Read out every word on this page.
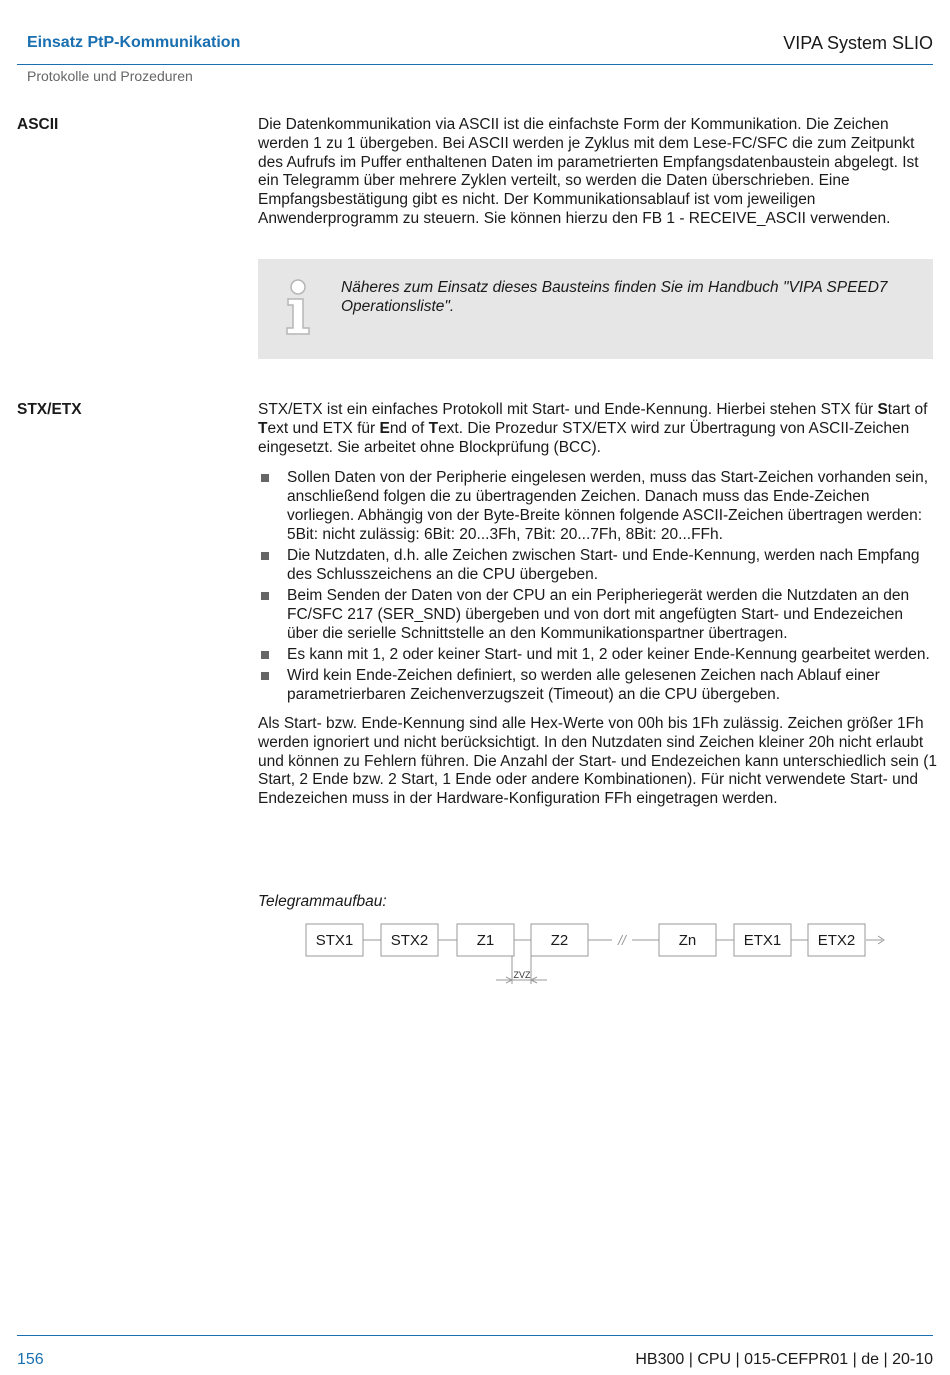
Einsatz PtP-Kommunikation	VIPA System SLIO
Protokolle und Prozeduren
ASCII	Die Datenkommunikation via ASCII ist die einfachste Form der Kommunikation. Die Zeichen werden 1 zu 1 übergeben. Bei ASCII werden je Zyklus mit dem Lese-FC/SFC die zum Zeitpunkt des Aufrufs im Puffer enthaltenen Daten im parametrierten Empfangsdatenbaustein abgelegt. Ist ein Telegramm über mehrere Zyklen verteilt, so werden die Daten überschrieben. Eine Empfangsbestätigung gibt es nicht. Der Kommunikationsablauf ist vom jeweiligen Anwenderprogramm zu steuern. Sie können hierzu den FB 1 - RECEIVE_ASCII verwenden.

Näheres zum Einsatz dieses Bausteins finden Sie im Handbuch "VIPA SPEED7 Operationsliste".
STX/ETX	STX/ETX ist ein einfaches Protokoll mit Start- und Ende-Kennung. Hierbei stehen STX für Start of Text und ETX für End of Text. Die Prozedur STX/ETX wird zur Übertragung von ASCII-Zeichen eingesetzt. Sie arbeitet ohne Blockprüfung (BCC).

Sollen Daten von der Peripherie eingelesen werden, muss das Start-Zeichen vorhanden sein, anschließend folgen die zu übertragenden Zeichen. Danach muss das Ende-Zeichen vorliegen. Abhängig von der Byte-Breite können folgende ASCII-Zeichen übertragen werden: 5Bit: nicht zulässig: 6Bit: 20...3Fh, 7Bit: 20...7Fh, 8Bit: 20...FFh.
Die Nutzdaten, d.h. alle Zeichen zwischen Start- und Ende-Kennung, werden nach Empfang des Schlusszeichens an die CPU übergeben.
Beim Senden der Daten von der CPU an ein Peripheriegerät werden die Nutzdaten an den FC/SFC 217 (SER_SND) übergeben und von dort mit angefügten Start- und Endezeichen über die serielle Schnittstelle an den Kommunikationspartner übertragen.
Es kann mit 1, 2 oder keiner Start- und mit 1, 2 oder keiner Ende-Kennung gearbeitet werden.
Wird kein Ende-Zeichen definiert, so werden alle gelesenen Zeichen nach Ablauf einer parametrierbaren Zeichenverzugszeit (Timeout) an die CPU übergeben.

Als Start- bzw. Ende-Kennung sind alle Hex-Werte von 00h bis 1Fh zulässig. Zeichen größer 1Fh werden ignoriert und nicht berücksichtigt. In den Nutzdaten sind Zeichen kleiner 20h nicht erlaubt und können zu Fehlern führen. Die Anzahl der Start- und Endezeichen kann unterschiedlich sein (1 Start, 2 Ende bzw. 2 Start, 1 Ende oder andere Kombinationen). Für nicht verwendete Start- und Endezeichen muss in der Hardware-Konfiguration FFh eingetragen werden.

Telegrammaufbau:
STX1 STX2	Z1	Z2	Zn	ETX1 ETX2
//
ZVZ
156	HB300 | CPU | 015-CEFPR01 | de | 20-10
